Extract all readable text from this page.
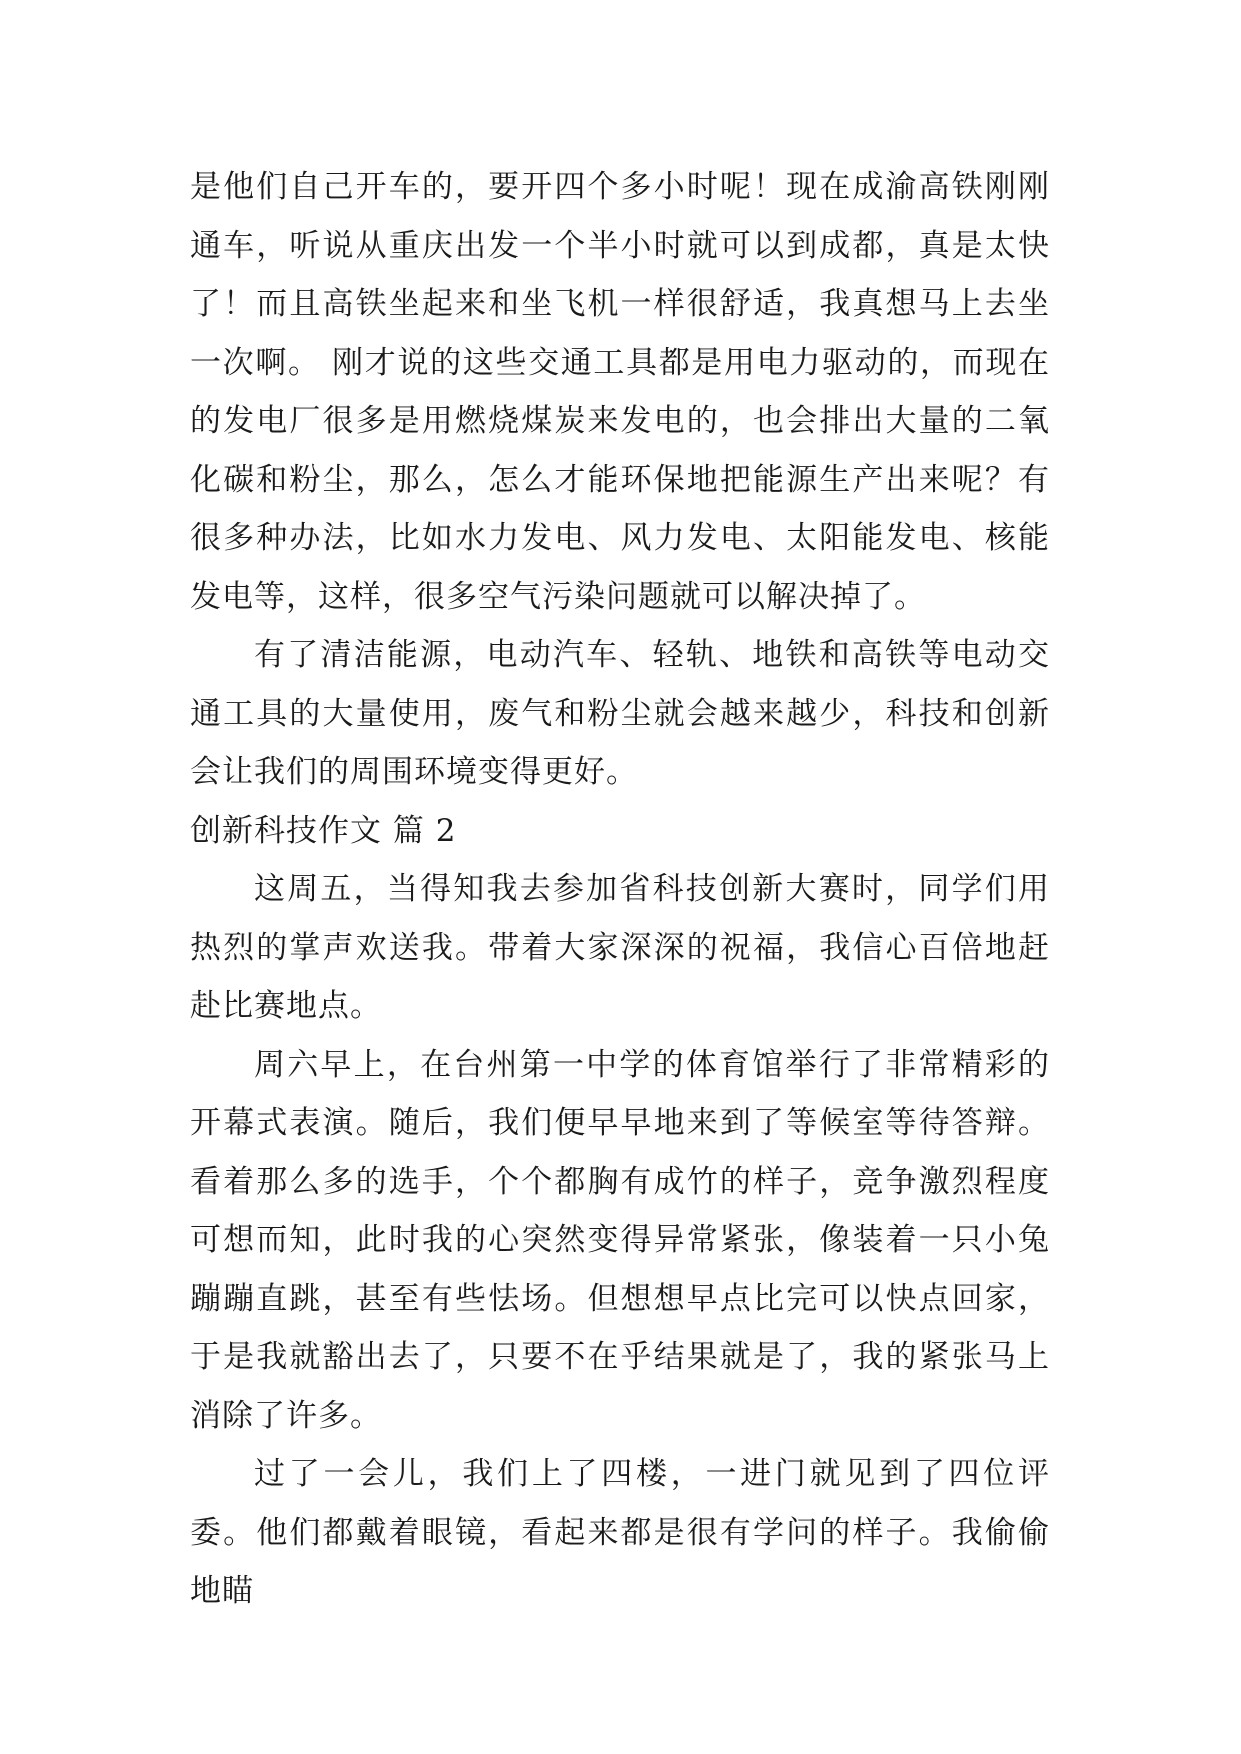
是他们自己开车的，要开四个多小时呢！现在成渝高铁刚刚通车，听说从重庆出发一个半小时就可以到成都，真是太快了！而且高铁坐起来和坐飞机一样很舒适，我真想马上去坐一次啊。 刚才说的这些交通工具都是用电力驱动的，而现在的发电厂很多是用燃烧煤炭来发电的，也会排出大量的二氧化碳和粉尘，那么，怎么才能环保地把能源生产出来呢？有很多种办法，比如水力发电、风力发电、太阳能发电、核能发电等，这样，很多空气污染问题就可以解决掉了。

有了清洁能源，电动汽车、轻轨、地铁和高铁等电动交通工具的大量使用，废气和粉尘就会越来越少，科技和创新会让我们的周围环境变得更好。

创新科技作文 篇 2

这周五，当得知我去参加省科技创新大赛时，同学们用热烈的掌声欢送我。带着大家深深的祝福，我信心百倍地赶赴比赛地点。

周六早上，在台州第一中学的体育馆举行了非常精彩的开幕式表演。随后，我们便早早地来到了等候室等待答辩。看着那么多的选手，个个都胸有成竹的样子，竞争激烈程度可想而知，此时我的心突然变得异常紧张，像装着一只小兔蹦蹦直跳，甚至有些怯场。但想想早点比完可以快点回家，于是我就豁出去了，只要不在乎结果就是了，我的紧张马上消除了许多。

过了一会儿，我们上了四楼，一进门就见到了四位评委。他们都戴着眼镜，看起来都是很有学问的样子。我偷偷地瞄
